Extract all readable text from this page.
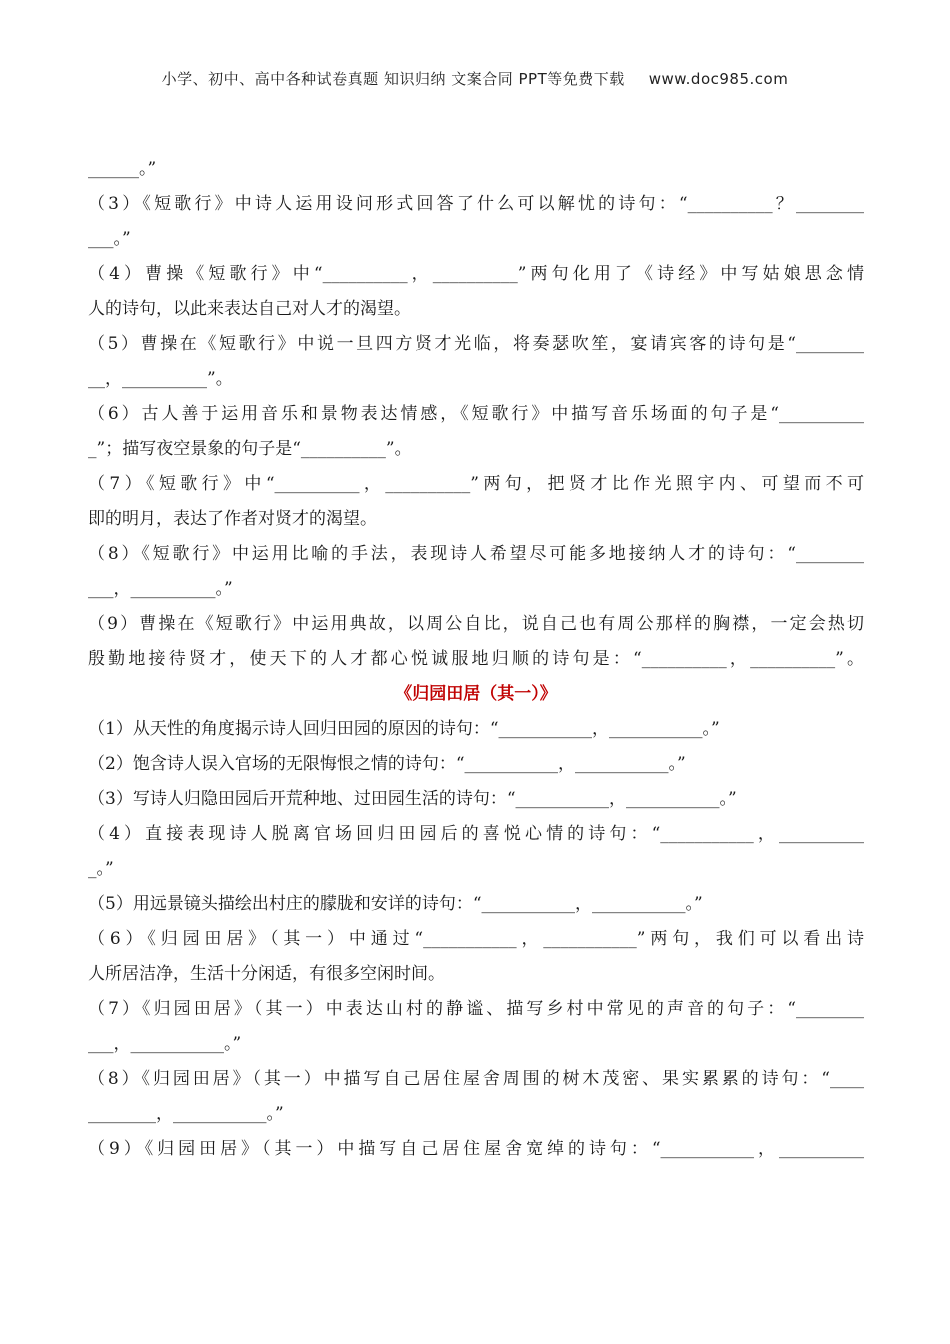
小学、初中、高中各种试卷真题 知识归纳 文案合同 PPT等免费下载 www.doc985.com
______。”
（3）《短歌行》中诗人运用设问形式回答了什么可以解忧的诗句：“__________？________
___。”
（4）曹操《短歌行》中“__________，__________”两句化用了《诗经》中写姑娘思念情
人的诗句，以此来表达自己对人才的渴望。
（5）曹操在《短歌行》中说一旦四方贤才光临，将奏瑟吹笙，宴请宾客的诗句是“________
__，__________”。
（6）古人善于运用音乐和景物表达情感，《短歌行》中描写音乐场面的句子是“__________
_”；描写夜空景象的句子是“__________”。
（7）《短歌行》中“__________，__________”两句，把贤才比作光照宇内、可望而不可
即的明月，表达了作者对贤才的渴望。
（8）《短歌行》中运用比喻的手法，表现诗人希望尽可能多地接纳人才的诗句：“________
___，__________。”
（9）曹操在《短歌行》中运用典故，以周公自比，说自己也有周公那样的胸襟，一定会热切
殷勤地接待贤才，使天下的人才都心悦诚服地归顺的诗句是：“__________，__________”。
《归园田居（其一）》
（1）从天性的角度揭示诗人回归田园的原因的诗句：“___________，___________。”
（2）饱含诗人误入官场的无限悔恨之情的诗句：“___________，___________。”
（3）写诗人归隐田园后开荒种地、过田园生活的诗句：“___________，___________。”
（4）直接表现诗人脱离官场回归田园后的喜悦心情的诗句：“___________，__________
_。”
（5）用远景镜头描绘出村庄的朦胧和安详的诗句：“___________，___________。”
（6）《归园田居》（其一）中通过“___________，___________”两句，我们可以看出诗
人所居洁净，生活十分闲适，有很多空闲时间。
（7）《归园田居》（其一）中表达山村的静谧、描写乡村中常见的声音的句子：“________
___，___________。”
（8）《归园田居》（其一）中描写自己居住屋舍周围的树木茂密、果实累累的诗句：“____
________，___________。”
（9）《归园田居》（其一）中描写自己居住屋舍宽绰的诗句：“___________，__________
